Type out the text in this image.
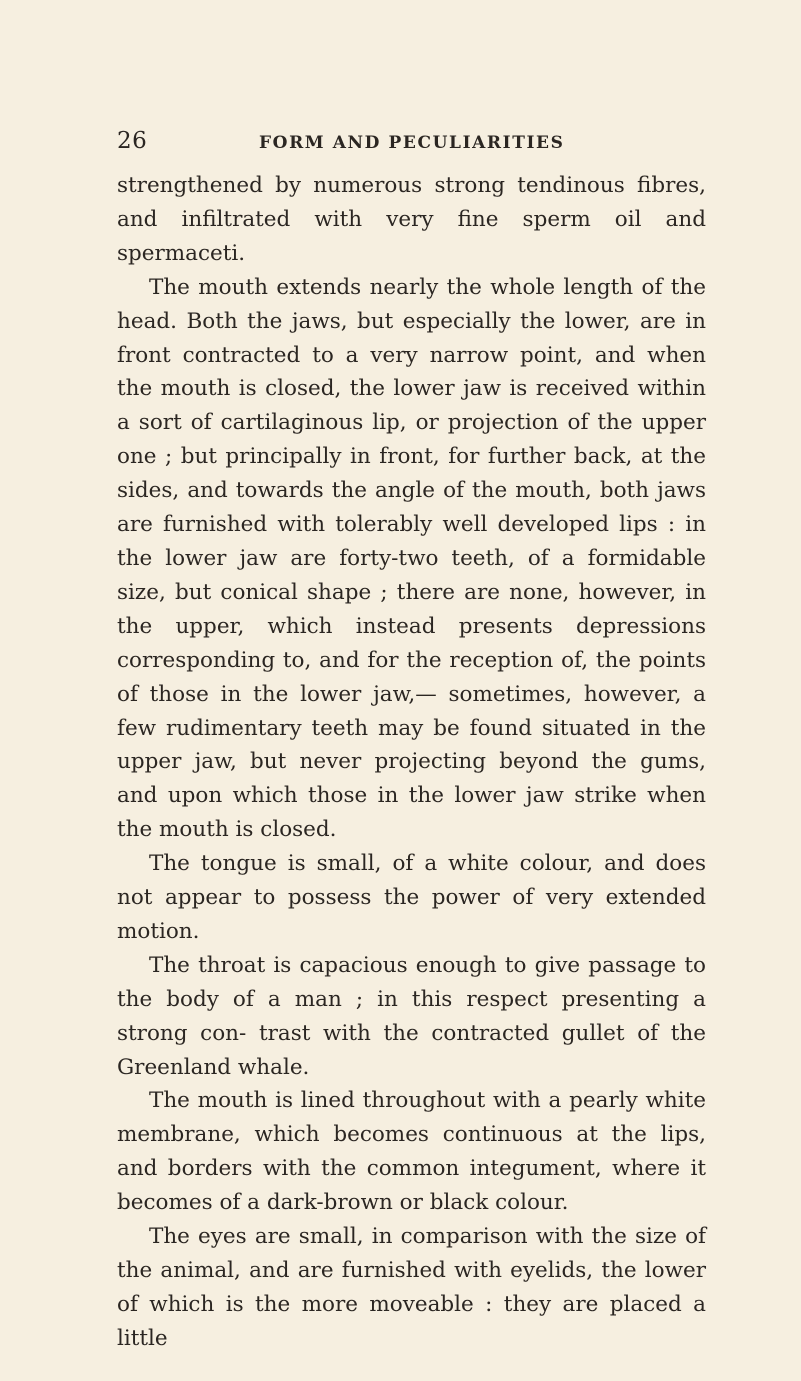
26	FORM AND PECULIARITIES

strengthened by numerous strong tendinous fibres, and infiltrated with very fine sperm oil and spermaceti.

The mouth extends nearly the whole length of the head. Both the jaws, but especially the lower, are in front contracted to a very narrow point, and when the mouth is closed, the lower jaw is received within a sort of cartilaginous lip, or projection of the upper one ; but principally in front, for further back, at the sides, and towards the angle of the mouth, both jaws are furnished with tolerably well developed lips : in the lower jaw are forty-two teeth, of a formidable size, but conical shape ; there are none, however, in the upper, which instead presents depressions corresponding to, and for the reception of, the points of those in the lower jaw,— sometimes, however, a few rudimentary teeth may be found situated in the upper jaw, but never projecting beyond the gums, and upon which those in the lower jaw strike when the mouth is closed.

The tongue is small, of a white colour, and does not appear to possess the power of very extended motion.

The throat is capacious enough to give passage to the body of a man ; in this respect presenting a strong con- trast with the contracted gullet of the Greenland whale.

The mouth is lined throughout with a pearly white membrane, which becomes continuous at the lips, and borders with the common integument, where it becomes of a dark-brown or black colour.

The eyes are small, in comparison with the size of the animal, and are furnished with eyelids, the lower of which is the more moveable : they are placed a little
